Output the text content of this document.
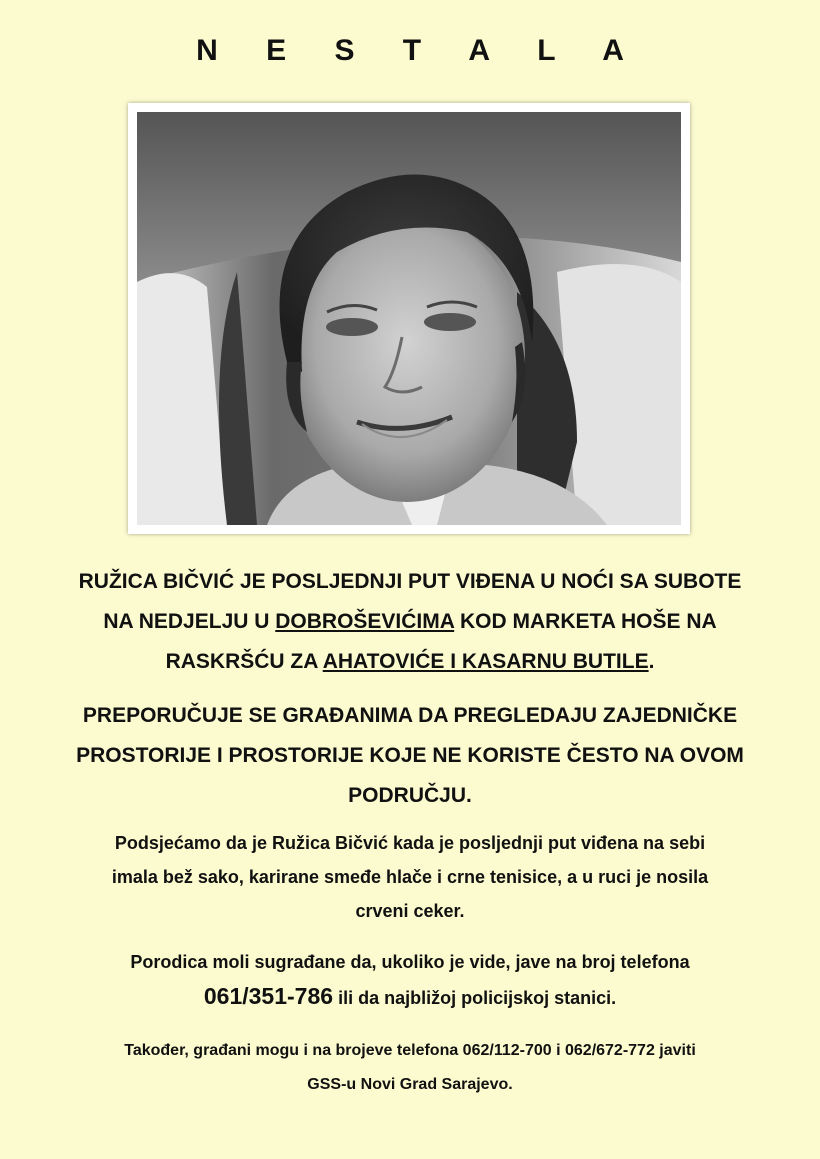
N E S T A L A

RUŽICA BIČVIĆ JE POSLJEDNJI PUT VIĐENA U NOĆI SA SUBOTE

NA NEDJELJU U DOBROŠEVIĆIMA KOD MARKETA HOŠE NA

RASKRŠĆU ZA AHATOVIĆE I KASARNU BUTILE.

PREPORUČUJE SE GRAĐANIMA DA PREGLEDAJU ZAJEDNIČKE

PROSTORIJE I PROSTORIJE KOJE NE KORISTE ČESTO NA OVOM

PODRUČJU.

Podsjećamo da je Ružica Bičvić kada je posljednji put viđena na sebi

imala bež sako, karirane smeđe hlače i crne tenisice, a u ruci je nosila

crveni ceker.

Porodica moli sugrađane da, ukoliko je vide, jave na broj telefona

061/351-786 ili da najbližoj policijskoj stanici.

Također, građani mogu i na brojeve telefona 062/112-700 i 062/672-772 javiti

GSS-u Novi Grad Sarajevo.
